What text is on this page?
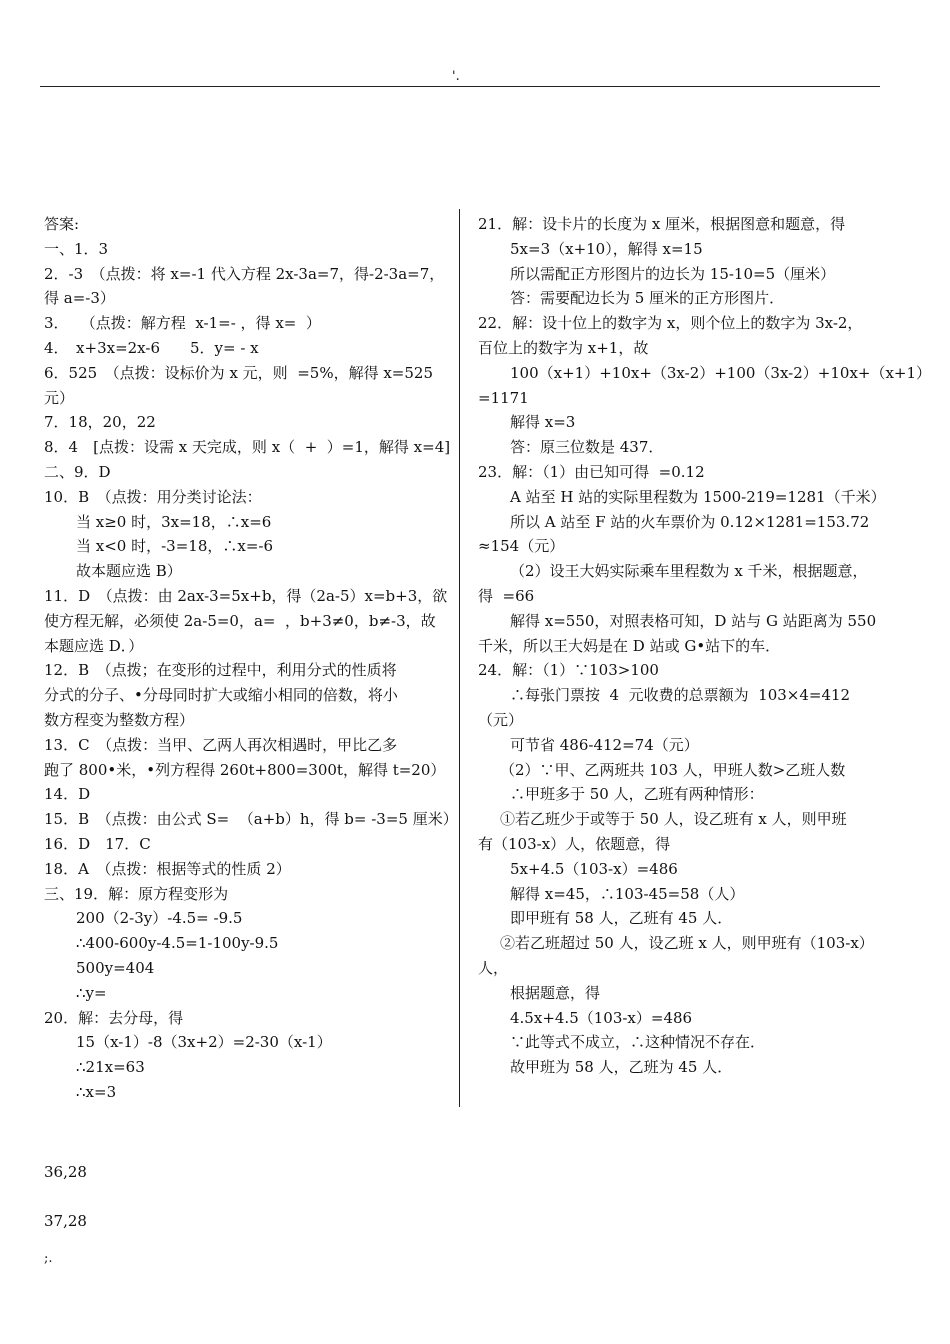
'.
答案:
一、1．3
2．-3　（点拨：将 x=-1 代入方程 2x-3a=7，得-2-3a=7，
得 a=-3）
3．　 （点拨：解方程  x-1=- ，得 x=  ）
4．　x+3x=2x-6　　5．y= - x
6．525　（点拨：设标价为 x 元，则  =5%，解得 x=525
元）
7．18，20，22
8．4　[点拨：设需 x 天完成，则 x（  +  ）=1，解得 x=4]
二、9．D
10．B　（点拨：用分类讨论法：
当 x≥0 时，3x=18，∴x=6
当 x<0 时，-3=18，∴x=-6
故本题应选 B）
11．D　（点拨：由 2ax-3=5x+b，得（2a-5）x=b+3，欲
使方程无解，必须使 2a-5=0，a=  ，b+3≠0，b≠-3，故
本题应选 D．）
12．B　（点拨；在变形的过程中，利用分式的性质将
分式的分子、•分母同时扩大或缩小相同的倍数，将小
数方程变为整数方程）
13．C　（点拨：当甲、乙两人再次相遇时，甲比乙多
跑了 800•米，•列方程得 260t+800=300t，解得 t=20）
14．D
15．B　（点拨：由公式 S=  （a+b）h，得 b= -3=5 厘米）
16．D　17．C
18．A　（点拨：根据等式的性质 2）
三、19．解：原方程变形为
200（2-3y）-4.5= -9.5
∴400-600y-4.5=1-100y-9.5
500y=404
∴y=
20．解：去分母，得
15（x-1）-8（3x+2）=2-30（x-1）
∴21x=63
∴x=3
21．解：设卡片的长度为 x 厘米，根据图意和题意，得
5x=3（x+10），解得 x=15
所以需配正方形图片的边长为 15-10=5（厘米）
答：需要配边长为 5 厘米的正方形图片．
22．解：设十位上的数字为 x，则个位上的数字为 3x-2，
百位上的数字为 x+1，故
100（x+1）+10x+（3x-2）+100（3x-2）+10x+（x+1）
=1171
解得 x=3
答：原三位数是 437．
23．解：（1）由已知可得  =0.12
A 站至 H 站的实际里程数为 1500-219=1281（千米）
所以 A 站至 F 站的火车票价为 0.12×1281=153.72
≈154（元）
（2）设王大妈实际乘车里程数为 x 千米，根据题意，
得  =66
解得 x=550，对照表格可知，D 站与 G 站距离为 550
千米，所以王大妈是在 D 站或 G•站下的车．
24．解：（1）∵103>100
∴每张门票按  4  元收费的总票额为  103×4=412
（元）
可节省 486-412=74（元）
（2）∵甲、乙两班共 103 人，甲班人数>乙班人数
∴甲班多于 50 人，乙班有两种情形：
①若乙班少于或等于 50 人，设乙班有 x 人，则甲班
有（103-x）人，依题意，得
5x+4.5（103-x）=486
解得 x=45，∴103-45=58（人）
即甲班有 58 人，乙班有 45 人．
②若乙班超过 50 人，设乙班 x 人，则甲班有（103-x）
人，
根据题意，得
4.5x+4.5（103-x）=486
∵此等式不成立，∴这种情况不存在．
故甲班为 58 人，乙班为 45 人．
36,28
37,28
;.
